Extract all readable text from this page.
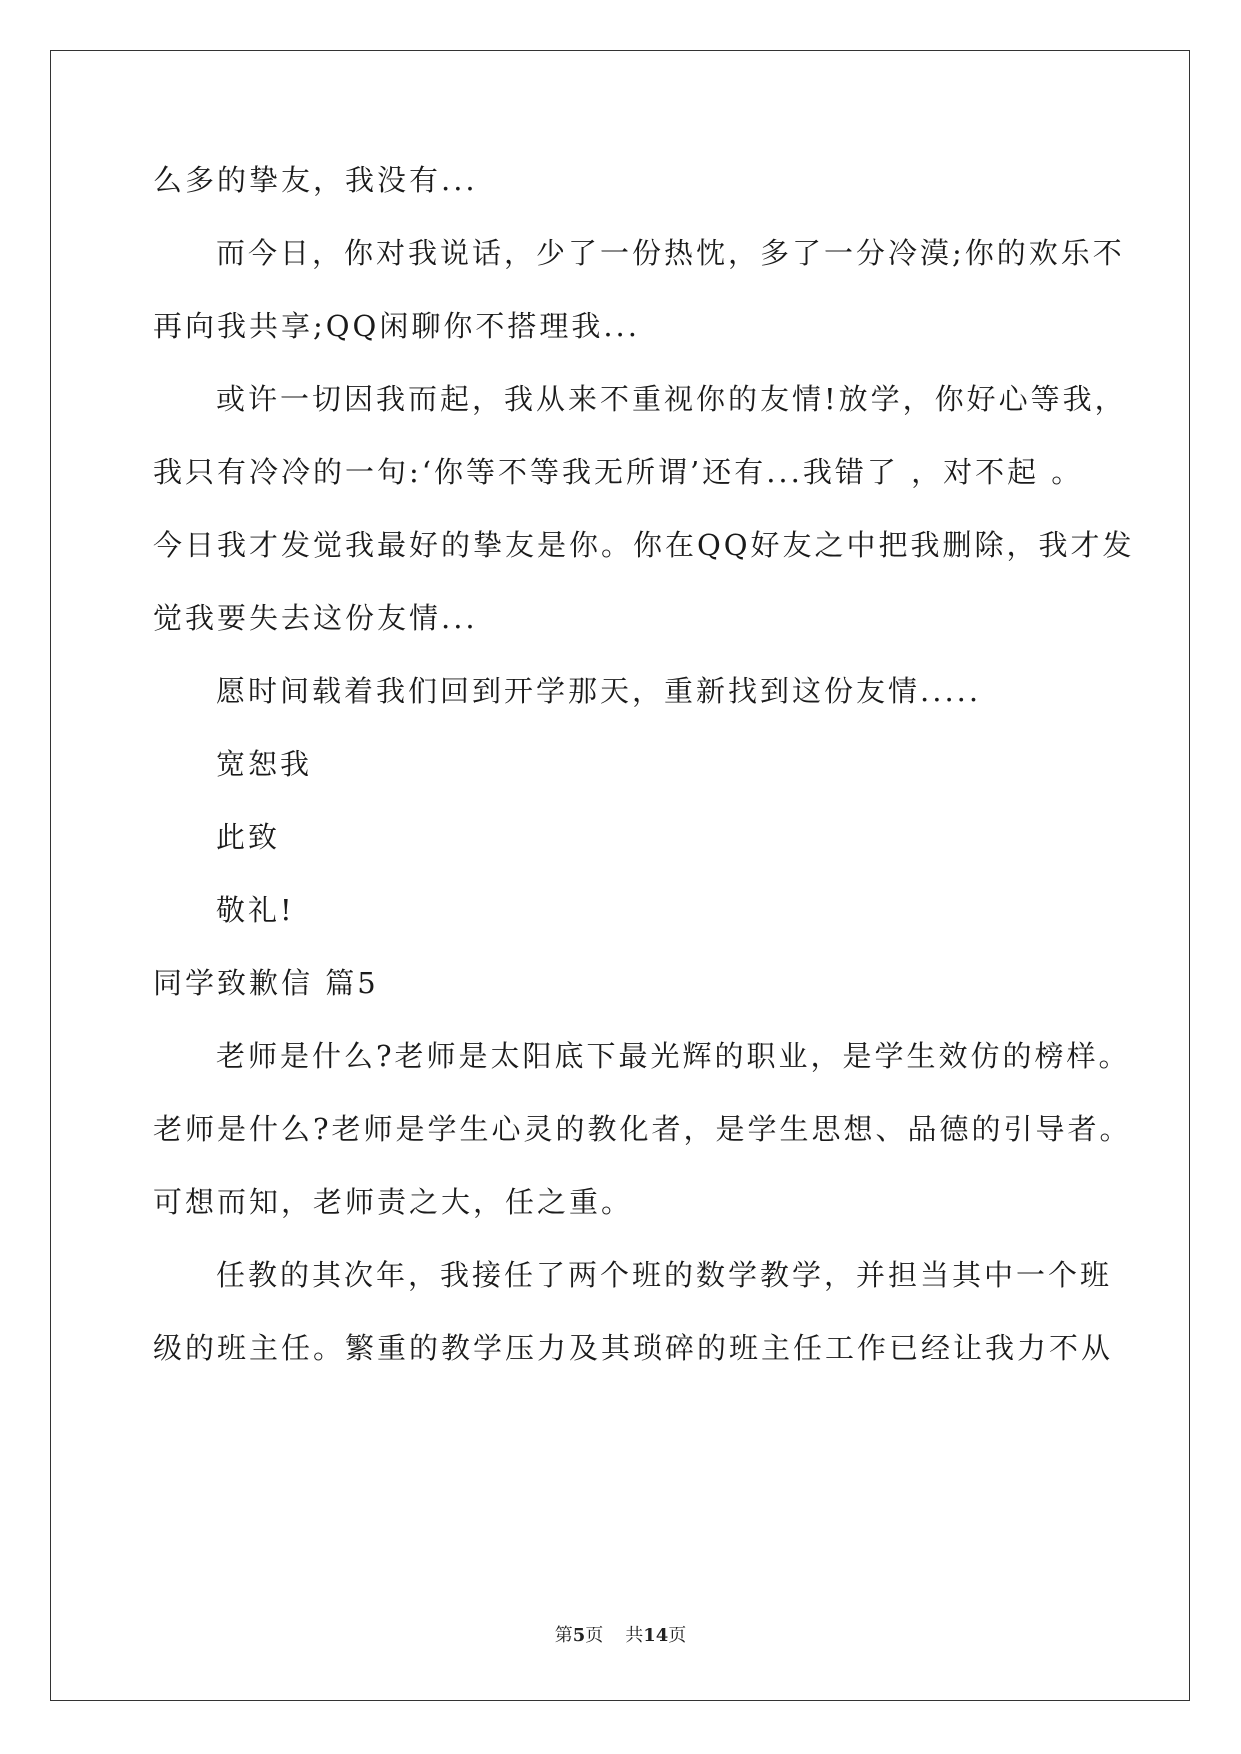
么多的挚友，我没有...
而今日，你对我说话，少了一份热忱，多了一分冷漠;你的欢乐不
再向我共享;QQ闲聊你不搭理我...
或许一切因我而起，我从来不重视你的友情!放学，你好心等我，
我只有冷冷的一句:‘你等不等我无所谓’还有...我错了 ，对不起 。
今日我才发觉我最好的挚友是你。你在QQ好友之中把我删除，我才发
觉我要失去这份友情...
愿时间载着我们回到开学那天，重新找到这份友情.....
宽恕我
此致
敬礼!
同学致歉信 篇5
老师是什么?老师是太阳底下最光辉的职业，是学生效仿的榜样。
老师是什么?老师是学生心灵的教化者，是学生思想、品德的引导者。
可想而知，老师责之大，任之重。
任教的其次年，我接任了两个班的数学教学，并担当其中一个班
级的班主任。繁重的教学压力及其琐碎的班主任工作已经让我力不从
第5页 共14页
